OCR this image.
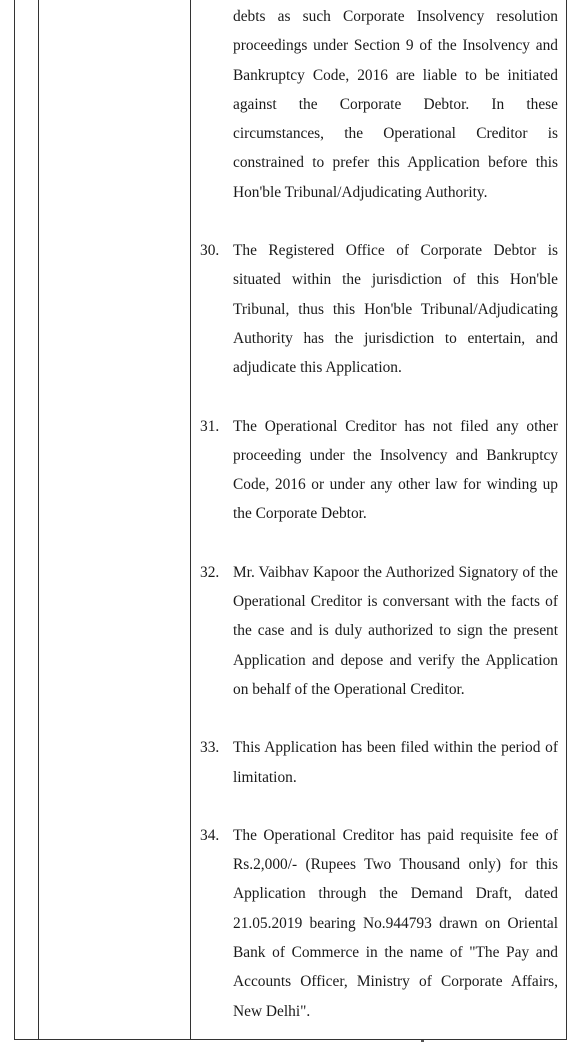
debts as such Corporate Insolvency resolution proceedings under Section 9 of the Insolvency and Bankruptcy Code, 2016 are liable to be initiated against the Corporate Debtor. In these circumstances, the Operational Creditor is constrained to prefer this Application before this Hon'ble Tribunal/Adjudicating Authority.
30. The Registered Office of Corporate Debtor is situated within the jurisdiction of this Hon'ble Tribunal, thus this Hon'ble Tribunal/Adjudicating Authority has the jurisdiction to entertain, and adjudicate this Application.
31. The Operational Creditor has not filed any other proceeding under the Insolvency and Bankruptcy Code, 2016 or under any other law for winding up the Corporate Debtor.
32. Mr. Vaibhav Kapoor the Authorized Signatory of the Operational Creditor is conversant with the facts of the case and is duly authorized to sign the present Application and depose and verify the Application on behalf of the Operational Creditor.
33. This Application has been filed within the period of limitation.
34. The Operational Creditor has paid requisite fee of Rs.2,000/- (Rupees Two Thousand only) for this Application through the Demand Draft, dated 21.05.2019 bearing No.944793 drawn on Oriental Bank of Commerce in the name of "The Pay and Accounts Officer, Ministry of Corporate Affairs, New Delhi".
